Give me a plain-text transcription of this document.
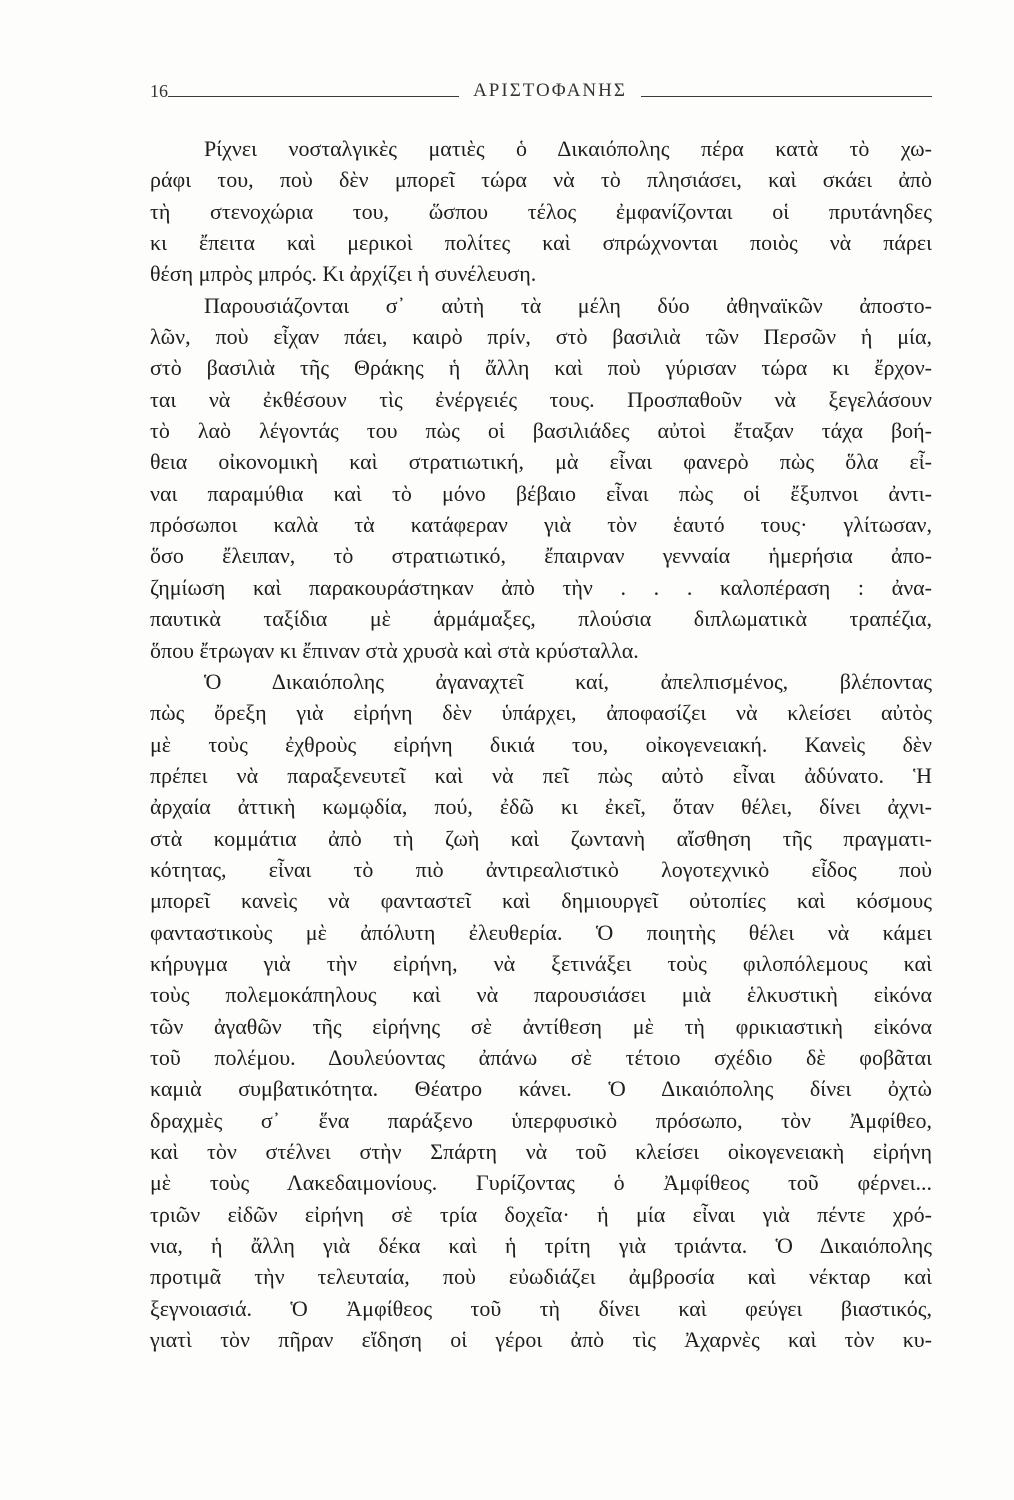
16	ΑΡΙΣΤΟΦΑΝΗΣ
Ρίχνει νοσταλγικὲς ματιὲς ὁ Δικαιόπολης πέρα κατὰ τὸ χω-
ράφι του, ποὺ δὲν μπορεῖ τώρα νὰ τὸ πλησιάσει, καὶ σκάει ἀπὸ
τὴ στενοχώρια του, ὥσπου τέλος ἐμφανίζονται οἱ πρυτάνηδες
κι ἔπειτα καὶ μερικοὶ πολίτες καὶ σπρώχνονται ποιὸς νὰ πάρει
θέση μπρὸς μπρός. Κι ἀρχίζει ἡ συνέλευση.
Παρουσιάζονται σ᾽ αὐτὴ τὰ μέλη δύο ἀθηναϊκῶν ἀποστο-
λῶν, ποὺ εἶχαν πάει, καιρὸ πρίν, στὸ βασιλιὰ τῶν Περσῶν ἡ μία,
στὸ βασιλιὰ τῆς Θράκης ἡ ἄλλη καὶ ποὺ γύρισαν τώρα κι ἔρχον-
ται νὰ ἐκθέσουν τὶς ἐνέργειές τους. Προσπαθοῦν νὰ ξεγελάσουν
τὸ λαὸ λέγοντάς του πὼς οἱ βασιλιάδες αὐτοὶ ἔταξαν τάχα βοή-
θεια οἰκονομικὴ καὶ στρατιωτική, μὰ εἶναι φανερὸ πὼς ὅλα εἶ-
ναι παραμύθια καὶ τὸ μόνο βέβαιο εἶναι πὼς οἱ ἔξυπνοι ἀντι-
πρόσωποι καλὰ τὰ κατάφεραν γιὰ τὸν ἑαυτό τους· γλίτωσαν,
ὅσο ἔλειπαν, τὸ στρατιωτικό, ἔπαιρναν γενναία ἡμερήσια ἀπο-
ζημίωση καὶ παρακουράστηκαν ἀπὸ τὴν . . . καλοπέραση : ἀνα-
παυτικὰ ταξίδια μὲ ἁρμάμαξες, πλούσια διπλωματικὰ τραπέζια,
ὅπου ἔτρωγαν κι ἔπιναν στὰ χρυσὰ καὶ στὰ κρύσταλλα.
Ὁ Δικαιόπολης ἀγαναχτεῖ καί, ἀπελπισμένος, βλέποντας
πὼς ὄρεξη γιὰ εἰρήνη δὲν ὑπάρχει, ἀποφασίζει νὰ κλείσει αὐτὸς
μὲ τοὺς ἐχθροὺς εἰρήνη δικιά του, οἰκογενειακή. Κανεὶς δὲν
πρέπει νὰ παραξενευτεῖ καὶ νὰ πεῖ πὼς αὐτὸ εἶναι ἀδύνατο. Ἡ
ἀρχαία ἀττικὴ κωμῳδία, πού, ἐδῶ κι ἐκεῖ, ὅταν θέλει, δίνει ἀχνι-
στὰ κομμάτια ἀπὸ τὴ ζωὴ καὶ ζωντανὴ αἴσθηση τῆς πραγματι-
κότητας, εἶναι τὸ πιὸ ἀντιρεαλιστικὸ λογοτεχνικὸ εἶδος ποὺ
μπορεῖ κανεὶς νὰ φανταστεῖ καὶ δημιουργεῖ οὐτοπίες καὶ κόσμους
φανταστικοὺς μὲ ἀπόλυτη ἐλευθερία. Ὁ ποιητὴς θέλει νὰ κάμει
κήρυγμα γιὰ τὴν εἰρήνη, νὰ ξετινάξει τοὺς φιλοπόλεμους καὶ
τοὺς πολεμοκάπηλους καὶ νὰ παρουσιάσει μιὰ ἑλκυστικὴ εἰκόνα
τῶν ἀγαθῶν τῆς εἰρήνης σὲ ἀντίθεση μὲ τὴ φρικιαστικὴ εἰκόνα
τοῦ πολέμου. Δουλεύοντας ἀπάνω σὲ τέτοιο σχέδιο δὲ φοβᾶται
καμιὰ συμβατικότητα. Θέατρο κάνει. Ὁ Δικαιόπολης δίνει ὀχτὼ
δραχμὲς σ᾽ ἕνα παράξενο ὑπερφυσικὸ πρόσωπο, τὸν Ἀμφίθεο,
καὶ τὸν στέλνει στὴν Σπάρτη νὰ τοῦ κλείσει οἰκογενειακὴ εἰρήνη
μὲ τοὺς Λακεδαιμονίους. Γυρίζοντας ὁ Ἀμφίθεος τοῦ φέρνει...
τριῶν εἰδῶν εἰρήνη σὲ τρία δοχεῖα· ἡ μία εἶναι γιὰ πέντε χρό-
νια, ἡ ἄλλη γιὰ δέκα καὶ ἡ τρίτη γιὰ τριάντα. Ὁ Δικαιόπολης
προτιμᾶ τὴν τελευταία, ποὺ εὐωδιάζει ἀμβροσία καὶ νέκταρ καὶ
ξεγνοιασιά. Ὁ Ἀμφίθεος τοῦ τὴ δίνει καὶ φεύγει βιαστικός,
γιατὶ τὸν πῆραν εἴδηση οἱ γέροι ἀπὸ τὶς Ἀχαρνὲς καὶ τὸν κυ-
